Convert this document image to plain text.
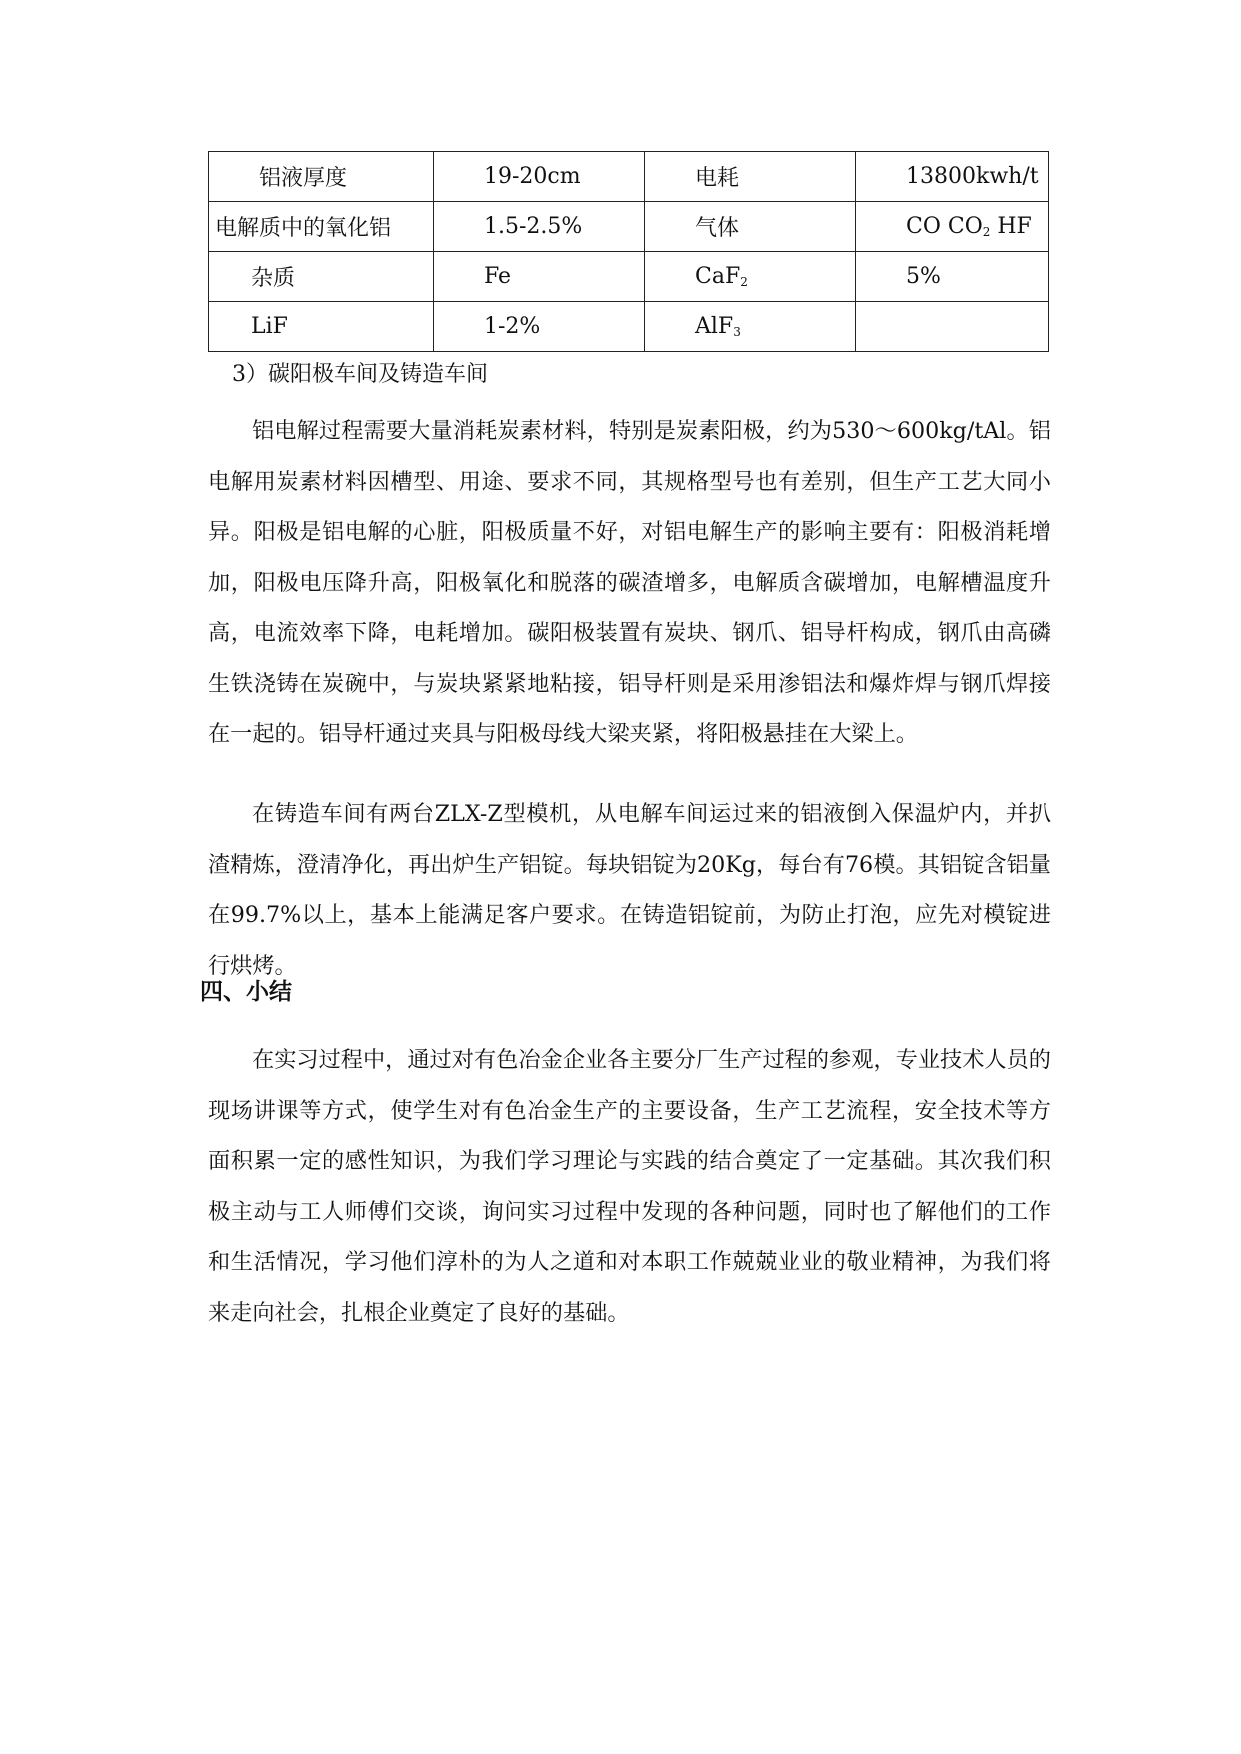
铝液厚度	19-20cm	电耗	13800kwh/t
电解质中的氧化铝	1.5-2.5%	气体	CO $CO_2$ HF
杂质	Fe	CaF$_2$	5%
LiF	1-2%	AlF$_3$	
3）碳阳极车间及铸造车间

铝电解过程需要大量消耗炭素材料，特别是炭素阳极，约为530～600kg/tAl。铝电解用炭素材料因槽型、用途、要求不同，其规格型号也有差别，但生产工艺大同小异。阳极是铝电解的心脏，阳极质量不好，对铝电解生产的影响主要有：阳极消耗增加，阳极电压降升高，阳极氧化和脱落的碳渣增多，电解质含碳增加，电解槽温度升高，电流效率下降，电耗增加。碳阳极装置有炭块、钢爪、铝导杆构成，钢爪由高磷生铁浇铸在炭碗中，与炭块紧紧地粘接，铝导杆则是采用渗铝法和爆炸焊与钢爪焊接在一起的。铝导杆通过夹具与阳极母线大梁夹紧，将阳极悬挂在大梁上。

在铸造车间有两台ZLX-Z型模机，从电解车间运过来的铝液倒入保温炉内，并扒渣精炼，澄清净化，再出炉生产铝锭。每块铝锭为20Kg，每台有76模。其铝锭含铝量在99.7%以上，基本上能满足客户要求。在铸造铝锭前，为防止打泡，应先对模锭进行烘烤。

四、小结

在实习过程中，通过对有色冶金企业各主要分厂生产过程的参观，专业技术人员的现场讲课等方式，使学生对有色冶金生产的主要设备，生产工艺流程，安全技术等方面积累一定的感性知识，为我们学习理论与实践的结合奠定了一定基础。其次我们积极主动与工人师傅们交谈，询问实习过程中发现的各种问题，同时也了解他们的工作和生活情况，学习他们淳朴的为人之道和对本职工作兢兢业业的敬业精神，为我们将来走向社会，扎根企业奠定了良好的基础。
